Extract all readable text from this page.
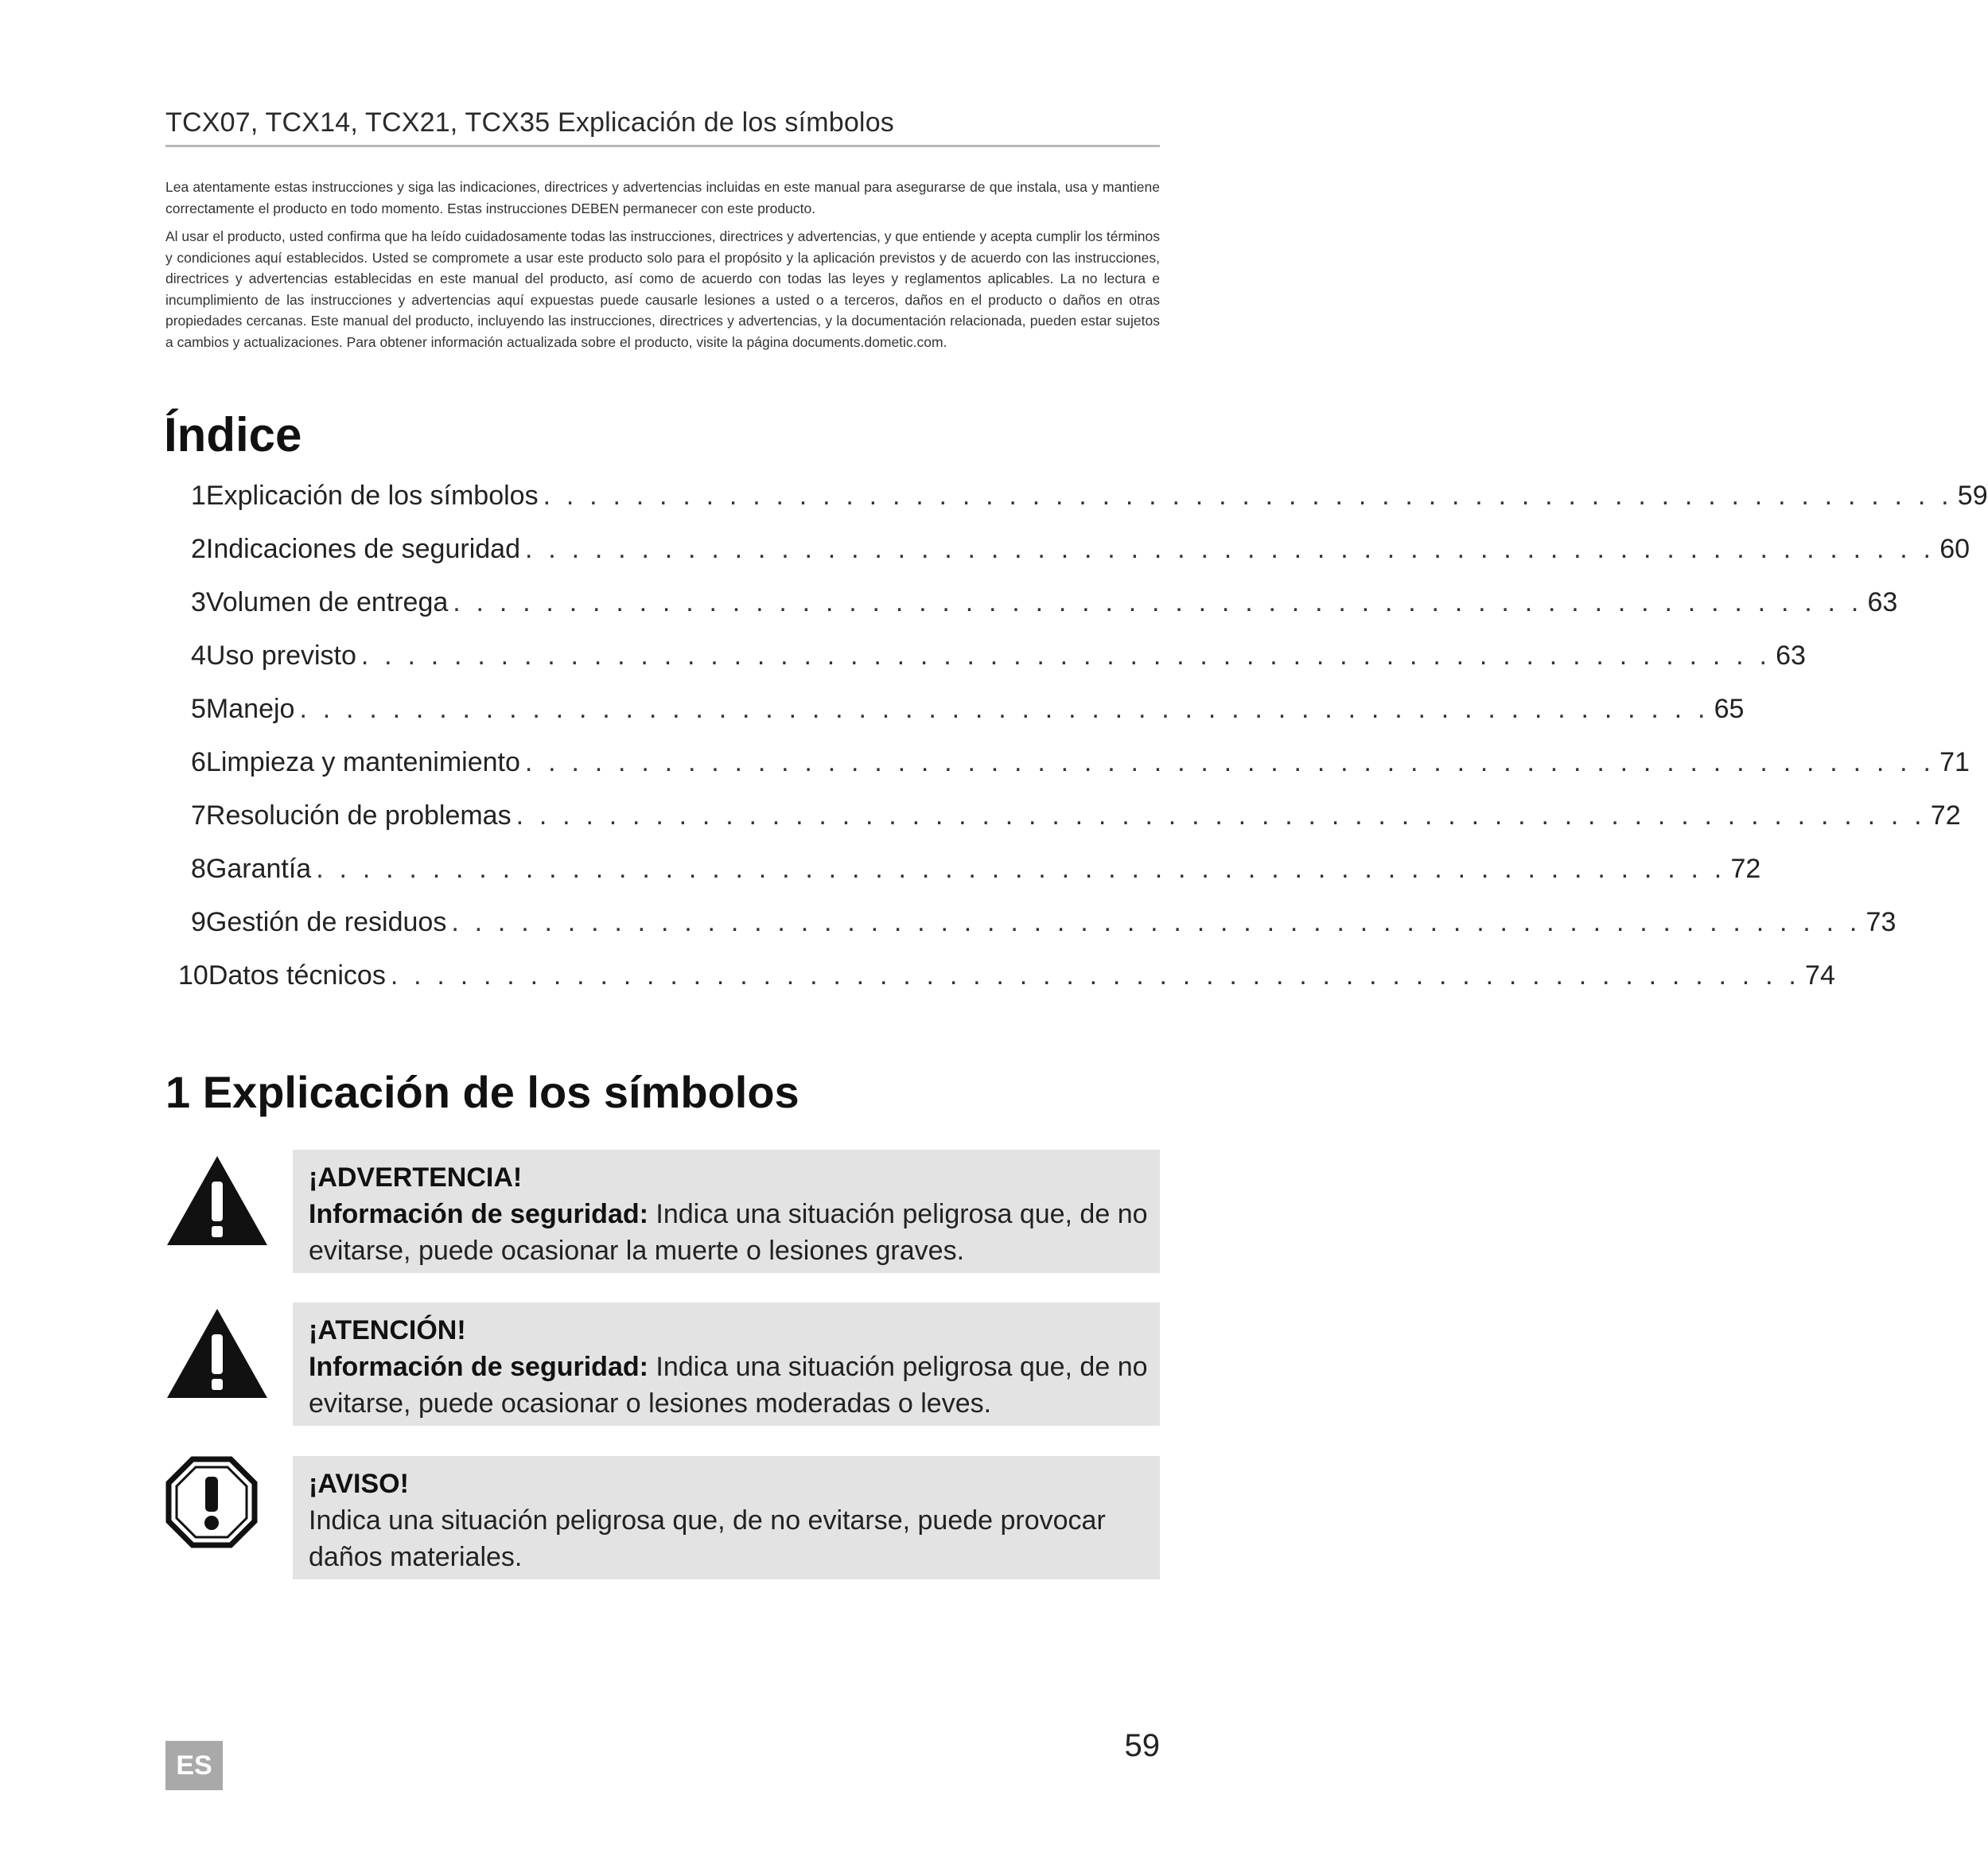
TCX07, TCX14, TCX21, TCX35 Explicación de los símbolos

Lea atentamente estas instrucciones y siga las indicaciones, directrices y advertencias incluidas en este manual para asegurarse de que instala, usa y mantiene correctamente el producto en todo momento. Estas instrucciones DEBEN permanecer con este producto.

Al usar el producto, usted confirma que ha leído cuidadosamente todas las instrucciones, directrices y advertencias, y que entiende y acepta cumplir los términos y condiciones aquí establecidos. Usted se compromete a usar este producto solo para el propósito y la aplicación previstos y de acuerdo con las instrucciones, directrices y advertencias establecidas en este manual del producto, así como de acuerdo con todas las leyes y reglamentos aplicables. La no lectura e incumplimiento de las instrucciones y advertencias aquí expuestas puede causarle lesiones a usted o a terceros, daños en el producto o daños en otras propiedades cercanas. Este manual del producto, incluyendo las instrucciones, directrices y advertencias, y la documentación relacionada, pueden estar sujetos a cambios y actualizaciones. Para obtener información actualizada sobre el producto, visite la página documents.dometic.com.

Índice
1 Explicación de los símbolos . . . . . . . . . . . . . . . . . . . . . . . . . . . . . . . . . . . . . . . . . . . . . . . . . . . . . . . . . . . . . 59
2 Indicaciones de seguridad . . . . . . . . . . . . . . . . . . . . . . . . . . . . . . . . . . . . . . . . . . . . . . . . . . . . . . . . . . . . . 60
3 Volumen de entrega . . . . . . . . . . . . . . . . . . . . . . . . . . . . . . . . . . . . . . . . . . . . . . . . . . . . . . . . . . . . . 63
4 Uso previsto . . . . . . . . . . . . . . . . . . . . . . . . . . . . . . . . . . . . . . . . . . . . . . . . . . . . . . . . . . . . . 63
5 Manejo . . . . . . . . . . . . . . . . . . . . . . . . . . . . . . . . . . . . . . . . . . . . . . . . . . . . . . . . . . . . . 65
6 Limpieza y mantenimiento . . . . . . . . . . . . . . . . . . . . . . . . . . . . . . . . . . . . . . . . . . . . . . . . . . . . . . . . . . . . . 71
7 Resolución de problemas . . . . . . . . . . . . . . . . . . . . . . . . . . . . . . . . . . . . . . . . . . . . . . . . . . . . . . . . . . . . . 72
8 Garantía . . . . . . . . . . . . . . . . . . . . . . . . . . . . . . . . . . . . . . . . . . . . . . . . . . . . . . . . . . . . . 72
9 Gestión de residuos . . . . . . . . . . . . . . . . . . . . . . . . . . . . . . . . . . . . . . . . . . . . . . . . . . . . . . . . . . . . . 73
10 Datos técnicos . . . . . . . . . . . . . . . . . . . . . . . . . . . . . . . . . . . . . . . . . . . . . . . . . . . . . . . . . . . . . 74
1 Explicación de los símbolos
¡ADVERTENCIA!
Información de seguridad: Indica una situación peligrosa que, de no evitarse, puede ocasionar la muerte o lesiones graves.
¡ATENCIÓN!
Información de seguridad: Indica una situación peligrosa que, de no evitarse, puede ocasionar o lesiones moderadas o leves.
¡AVISO!
Indica una situación peligrosa que, de no evitarse, puede provocar daños materiales.
ES
59
